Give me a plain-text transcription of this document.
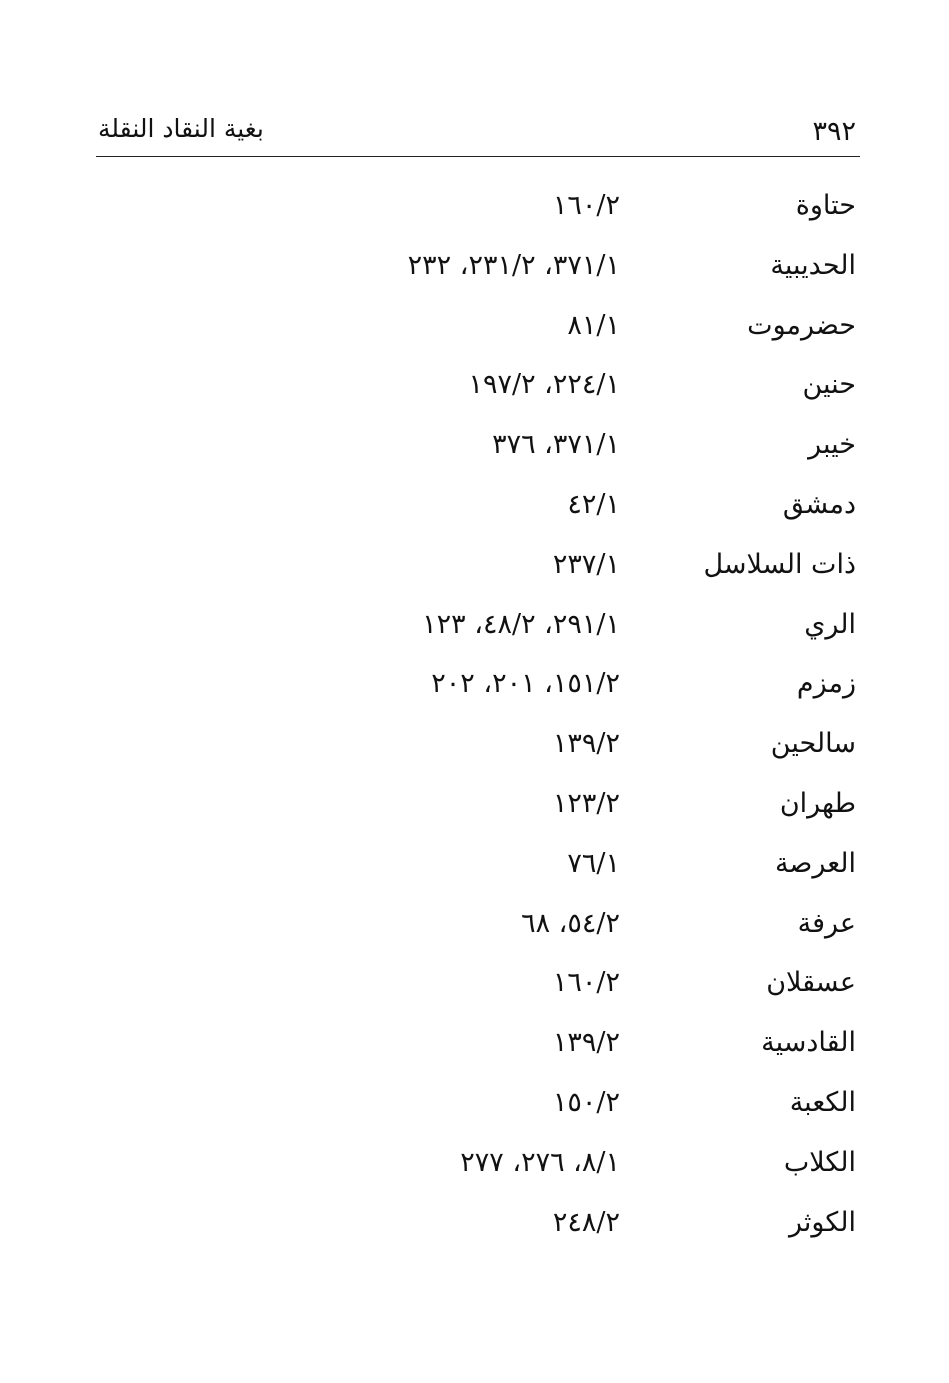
٣٩٢
بغية النقاد النقلة
حتاوة
١٦٠/٢
الحديبية
٣٧١/١، ٢٣١/٢، ٢٣٢
حضرموت
٨١/١
حنين
٢٢٤/١، ١٩٧/٢
خيبر
٣٧١/١، ٣٧٦
دمشق
٤٢/١
ذات السلاسل
٢٣٧/١
الري
٢٩١/١، ٤٨/٢، ١٢٣
زمزم
١٥١/٢، ٢٠١، ٢٠٢
سالحين
١٣٩/٢
طهران
١٢٣/٢
العرصة
٧٦/١
عرفة
٥٤/٢، ٦٨
عسقلان
١٦٠/٢
القادسية
١٣٩/٢
الكعبة
١٥٠/٢
الكلاب
٨/١، ٢٧٦، ٢٧٧
الكوثر
٢٤٨/٢
